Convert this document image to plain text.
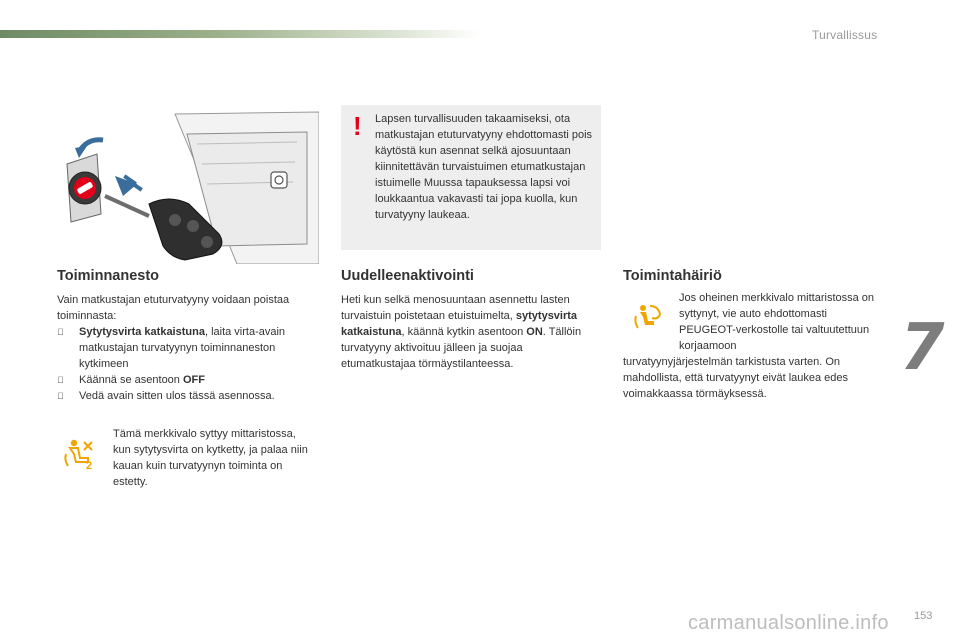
Turvallissus
7
! Lapsen turvallisuuden takaamiseksi, ota matkustajan etuturvatyyny ehdottomasti pois käytöstä kun asennat selkä ajosuuntaan kiinnitettävän turvaistuimen etumatkustajan istuimelle Muussa tapauksessa lapsi voi loukkaantua vakavasti tai jopa kuolla, kun turvatyyny laukeaa.
Toiminnanesto

Vain matkustajan etuturvatyyny voidaan poistaa toiminnasta:

Sytytysvirta katkaistuna, laita virta-avain matkustajan turvatyynyn toiminnaneston kytkimeen
Käännä se asentoon OFF
Vedä avain sitten ulos tässä asennossa.
2
Tämä merkkivalo syttyy mittaristossa, kun sytytysvirta on kytketty, ja palaa niin kauan kuin turvatyynyn toiminta on estetty.
Uudelleenaktivointi
Heti kun selkä menosuuntaan asennettu lasten turvaistuin poistetaan etuistuimelta, sytytysvirta katkaistuna, käännä kytkin asentoon ON. Tällöin turvatyyny aktivoituu jälleen ja suojaa etumatkustajaa törmäystilanteessa.
Toimintahäiriö
Jos oheinen merkkivalo mittaristossa on syttynyt, vie auto ehdottomasti PEUGEOT-verkostolle tai valtuutettuun korjaamoon
turvatyynyjärjestelmän tarkistusta varten. On mahdollista, että turvatyynyt eivät laukea edes voimakkaassa törmäyksessä.
carmanualsonline.info 153
